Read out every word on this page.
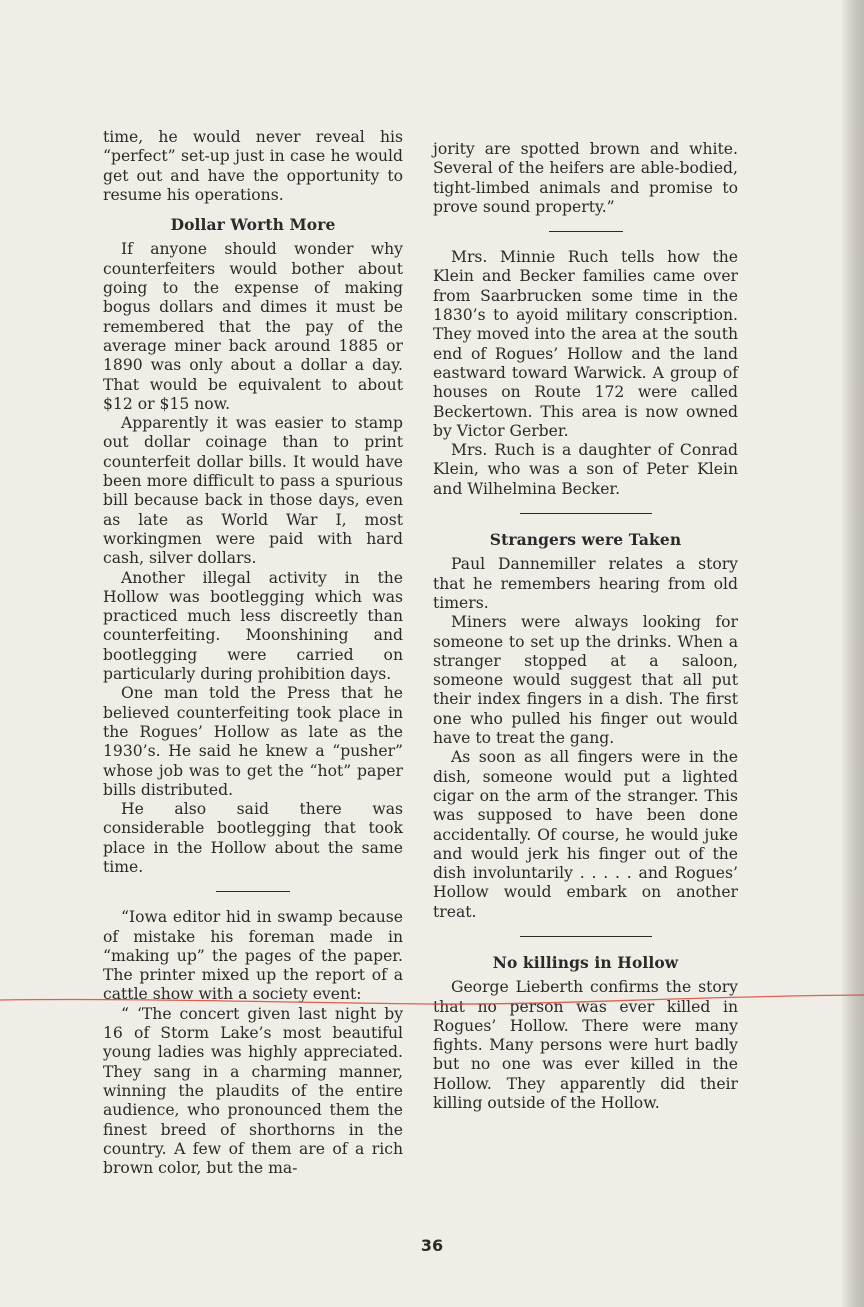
time, he would never reveal his “perfect” set-up just in case he would get out and have the opportunity to resume his operations.

Dollar Worth More

If anyone should wonder why counterfeiters would bother about going to the expense of making bogus dollars and dimes it must be remembered that the pay of the average miner back around 1885 or 1890 was only about a dollar a day. That would be equivalent to about $12 or $15 now.

Apparently it was easier to stamp out dollar coinage than to print counterfeit dollar bills. It would have been more difficult to pass a spurious bill because back in those days, even as late as World War I, most workingmen were paid with hard cash, silver dollars.

Another illegal activity in the Hollow was bootlegging which was practiced much less discreetly than counterfeiting. Moonshining and bootlegging were carried on particularly during prohibition days.

One man told the Press that he believed counterfeiting took place in the Rogues’ Hollow as late as the 1930’s. He said he knew a “pusher” whose job was to get the “hot” paper bills distributed.

He also said there was considerable bootlegging that took place in the Hollow about the same time.

“Iowa editor hid in swamp because of mistake his foreman made in “making up” the pages of the paper. The printer mixed up the report of a cattle show with a society event:

“ ‘The concert given last night by 16 of Storm Lake’s most beautiful young ladies was highly appreciated. They sang in a charming manner, winning the plaudits of the entire audience, who pronounced them the finest breed of shorthorns in the country. A few of them are of a rich brown color, but the ma-

jority are spotted brown and white. Several of the heifers are able-bodied, tight-limbed animals and promise to prove sound property.”

Mrs. Minnie Ruch tells how the Klein and Becker families came over from Saarbrucken some time in the 1830’s to ayoid military conscription. They moved into the area at the south end of Rogues’ Hollow and the land eastward toward Warwick. A group of houses on Route 172 were called Beckertown. This area is now owned by Victor Gerber.

Mrs. Ruch is a daughter of Conrad Klein, who was a son of Peter Klein and Wilhelmina Becker.

Strangers were Taken

Paul Dannemiller relates a story that he remembers hearing from old timers.

Miners were always looking for someone to set up the drinks. When a stranger stopped at a saloon, someone would suggest that all put their index fingers in a dish. The first one who pulled his finger out would have to treat the gang.

As soon as all fingers were in the dish, someone would put a lighted cigar on the arm of the stranger. This was supposed to have been done accidentally. Of course, he would juke and would jerk his finger out of the dish involuntarily . . . . . and Rogues’ Hollow would embark on another treat.

No killings in Hollow

George Lieberth confirms the story that no person was ever killed in Rogues’ Hollow. There were many fights. Many persons were hurt badly but no one was ever killed in the Hollow. They apparently did their killing outside of the Hollow.

36
